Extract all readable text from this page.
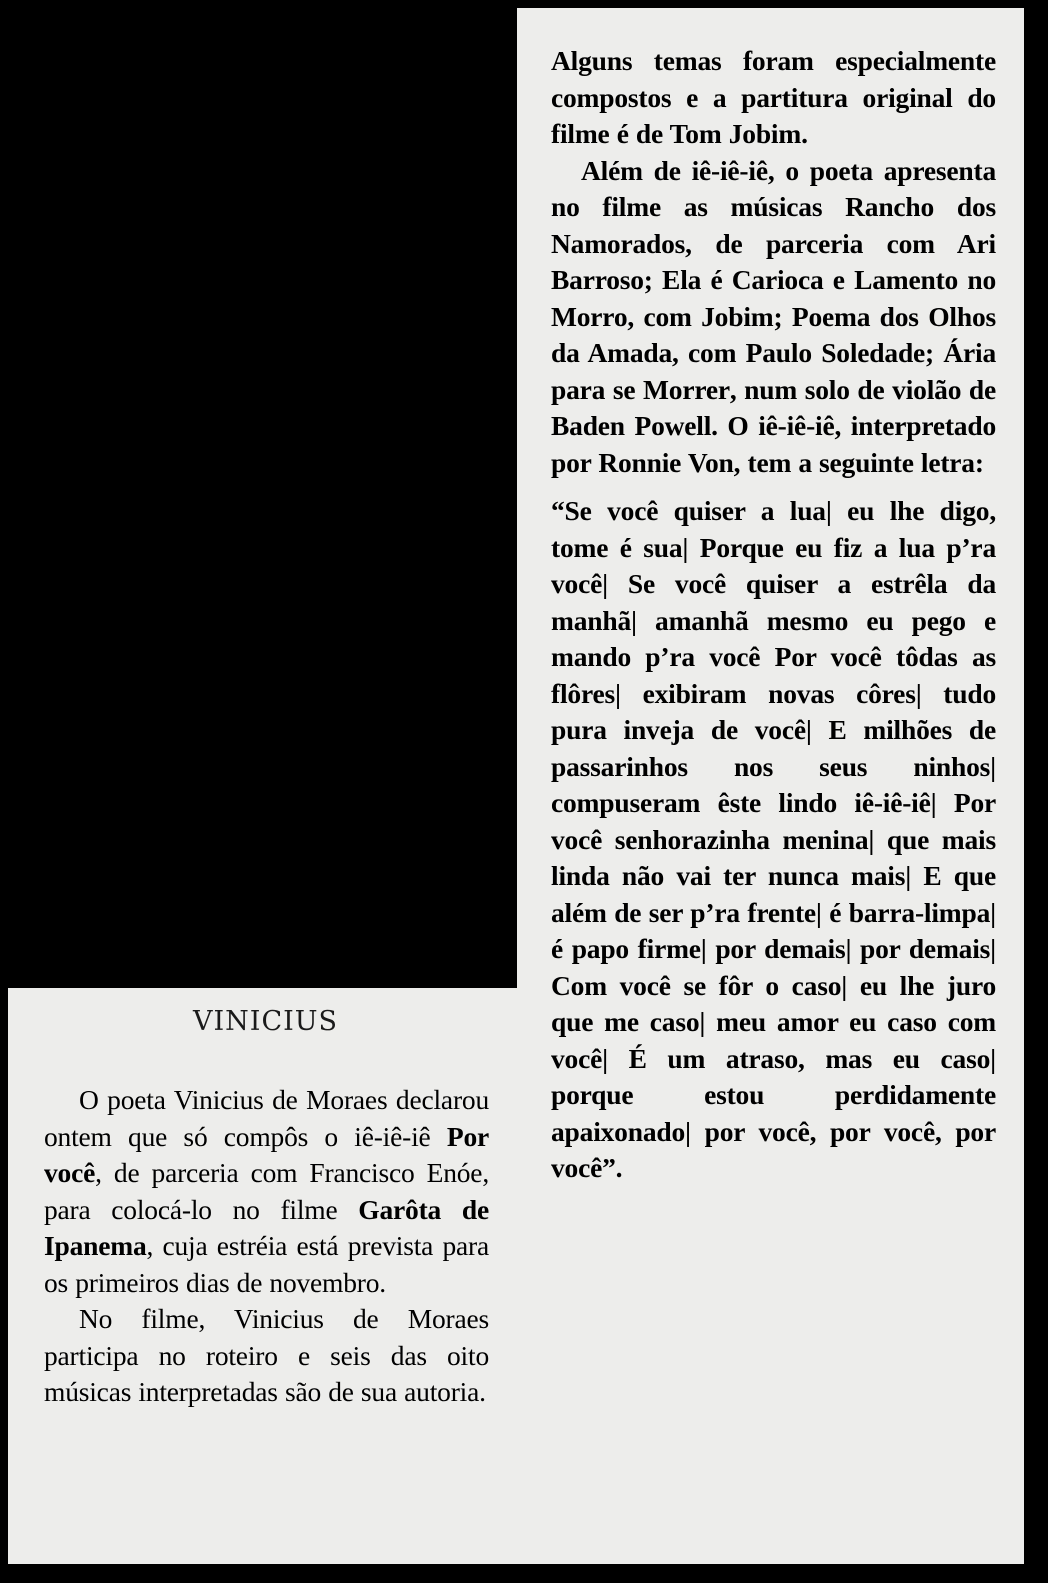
Alguns temas foram especialmente compostos e a partitura original do filme é de Tom Jobim.

Além de iê-iê-iê, o poeta apresenta no filme as músicas Rancho dos Namorados, de parceria com Ari Barroso; Ela é Carioca e Lamento no Morro, com Jobim; Poema dos Olhos da Amada, com Paulo Soledade; Ária para se Morrer, num solo de violão de Baden Powell. O iê-iê-iê, interpretado por Ronnie Von, tem a seguinte letra:

“Se você quiser a lua| eu lhe digo, tome é sua| Porque eu fiz a lua p’ra você| Se você quiser a estrêla da manhã| amanhã mesmo eu pego e mando p’ra você Por você tôdas as flôres| exibiram novas côres| tudo pura inveja de você| E milhões de passarinhos nos seus ninhos| compuseram êste lindo iê-iê-iê| Por você senhorazinha menina| que mais linda não vai ter nunca mais| E que além de ser p’ra frente| é barra-limpa| é papo firme| por demais| por demais| Com você se fôr o caso| eu lhe juro que me caso| meu amor eu caso com você| É um atraso, mas eu caso| porque estou perdidamente apaixonado| por você, por você, por você”.

VINICIUS

O poeta Vinicius de Moraes declarou ontem que só compôs o iê-iê-iê Por você, de parceria com Francisco Enóe, para colocá-lo no filme Garôta de Ipanema, cuja estréia está prevista para os primeiros dias de novembro.

No filme, Vinicius de Moraes participa no roteiro e seis das oito músicas interpretadas são de sua autoria.
